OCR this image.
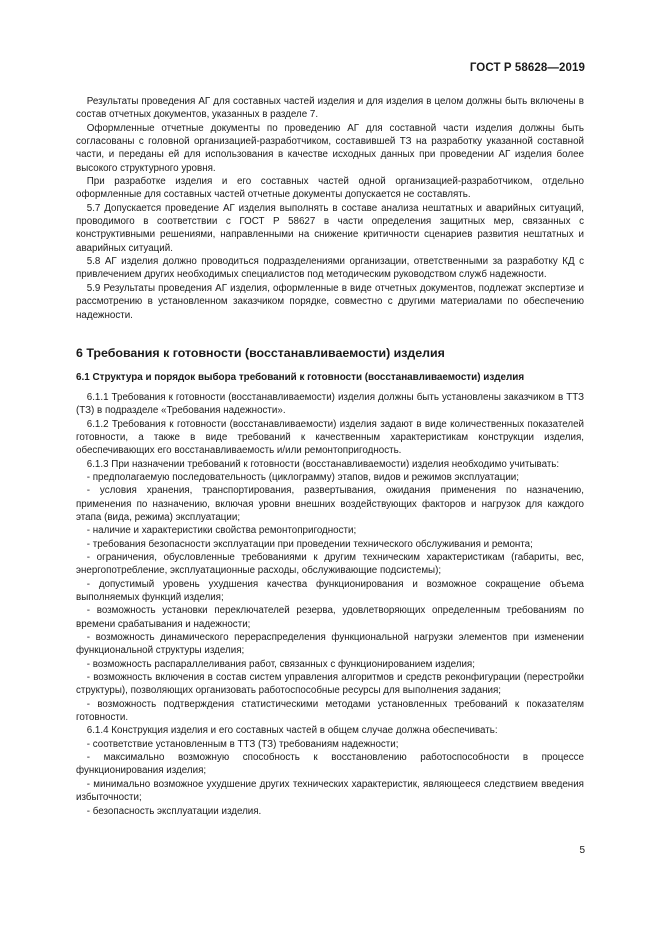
ГОСТ Р 58628—2019

Результаты проведения АГ для составных частей изделия и для изделия в целом должны быть включены в состав отчетных документов, указанных в разделе 7.

Оформленные отчетные документы по проведению АГ для составной части изделия должны быть согласованы с головной организацией-разработчиком, составившей ТЗ на разработку указанной составной части, и переданы ей для использования в качестве исходных данных при проведении АГ изделия более высокого структурного уровня.

При разработке изделия и его составных частей одной организацией-разработчиком, отдельно оформленные для составных частей отчетные документы допускается не составлять.

5.7 Допускается проведение АГ изделия выполнять в составе анализа нештатных и аварийных ситуаций, проводимого в соответствии с ГОСТ Р 58627 в части определения защитных мер, связанных с конструктивными решениями, направленными на снижение критичности сценариев развития нештатных и аварийных ситуаций.

5.8 АГ изделия должно проводиться подразделениями организации, ответственными за разработку КД с привлечением других необходимых специалистов под методическим руководством служб надежности.

5.9 Результаты проведения АГ изделия, оформленные в виде отчетных документов, подлежат экспертизе и рассмотрению в установленном заказчиком порядке, совместно с другими материалами по обеспечению надежности.

6 Требования к готовности (восстанавливаемости) изделия

6.1 Структура и порядок выбора требований к готовности (восстанавливаемости) изделия

6.1.1 Требования к готовности (восстанавливаемости) изделия должны быть установлены заказчиком в ТТЗ (ТЗ) в подразделе «Требования надежности».

6.1.2 Требования к готовности (восстанавливаемости) изделия задают в виде количественных показателей готовности, а также в виде требований к качественным характеристикам конструкции изделия, обеспечивающих его восстанавливаемость и/или ремонтопригодность.

6.1.3 При назначении требований к готовности (восстанавливаемости) изделия необходимо учитывать:

- предполагаемую последовательность (циклограмму) этапов, видов и режимов эксплуатации;

- условия хранения, транспортирования, развертывания, ожидания применения по назначению, применения по назначению, включая уровни внешних воздействующих факторов и нагрузок для каждого этапа (вида, режима) эксплуатации;

- наличие и характеристики свойства ремонтопригодности;

- требования безопасности эксплуатации при проведении технического обслуживания и ремонта;

- ограничения, обусловленные требованиями к другим техническим характеристикам (габариты, вес, энергопотребление, эксплуатационные расходы, обслуживающие подсистемы);

- допустимый уровень ухудшения качества функционирования и возможное сокращение объема выполняемых функций изделия;

- возможность установки переключателей резерва, удовлетворяющих определенным требованиям по времени срабатывания и надежности;

- возможность динамического перераспределения функциональной нагрузки элементов при изменении функциональной структуры изделия;

- возможность распараллеливания работ, связанных с функционированием изделия;

- возможность включения в состав систем управления алгоритмов и средств реконфигурации (перестройки структуры), позволяющих организовать работоспособные ресурсы для выполнения задания;

- возможность подтверждения статистическими методами установленных требований к показателям готовности.

6.1.4 Конструкция изделия и его составных частей в общем случае должна обеспечивать:

- соответствие установленным в ТТЗ (ТЗ) требованиям надежности;

- максимально возможную способность к восстановлению работоспособности в процессе функционирования изделия;

- минимально возможное ухудшение других технических характеристик, являющееся следствием введения избыточности;

- безопасность эксплуатации изделия.

5
